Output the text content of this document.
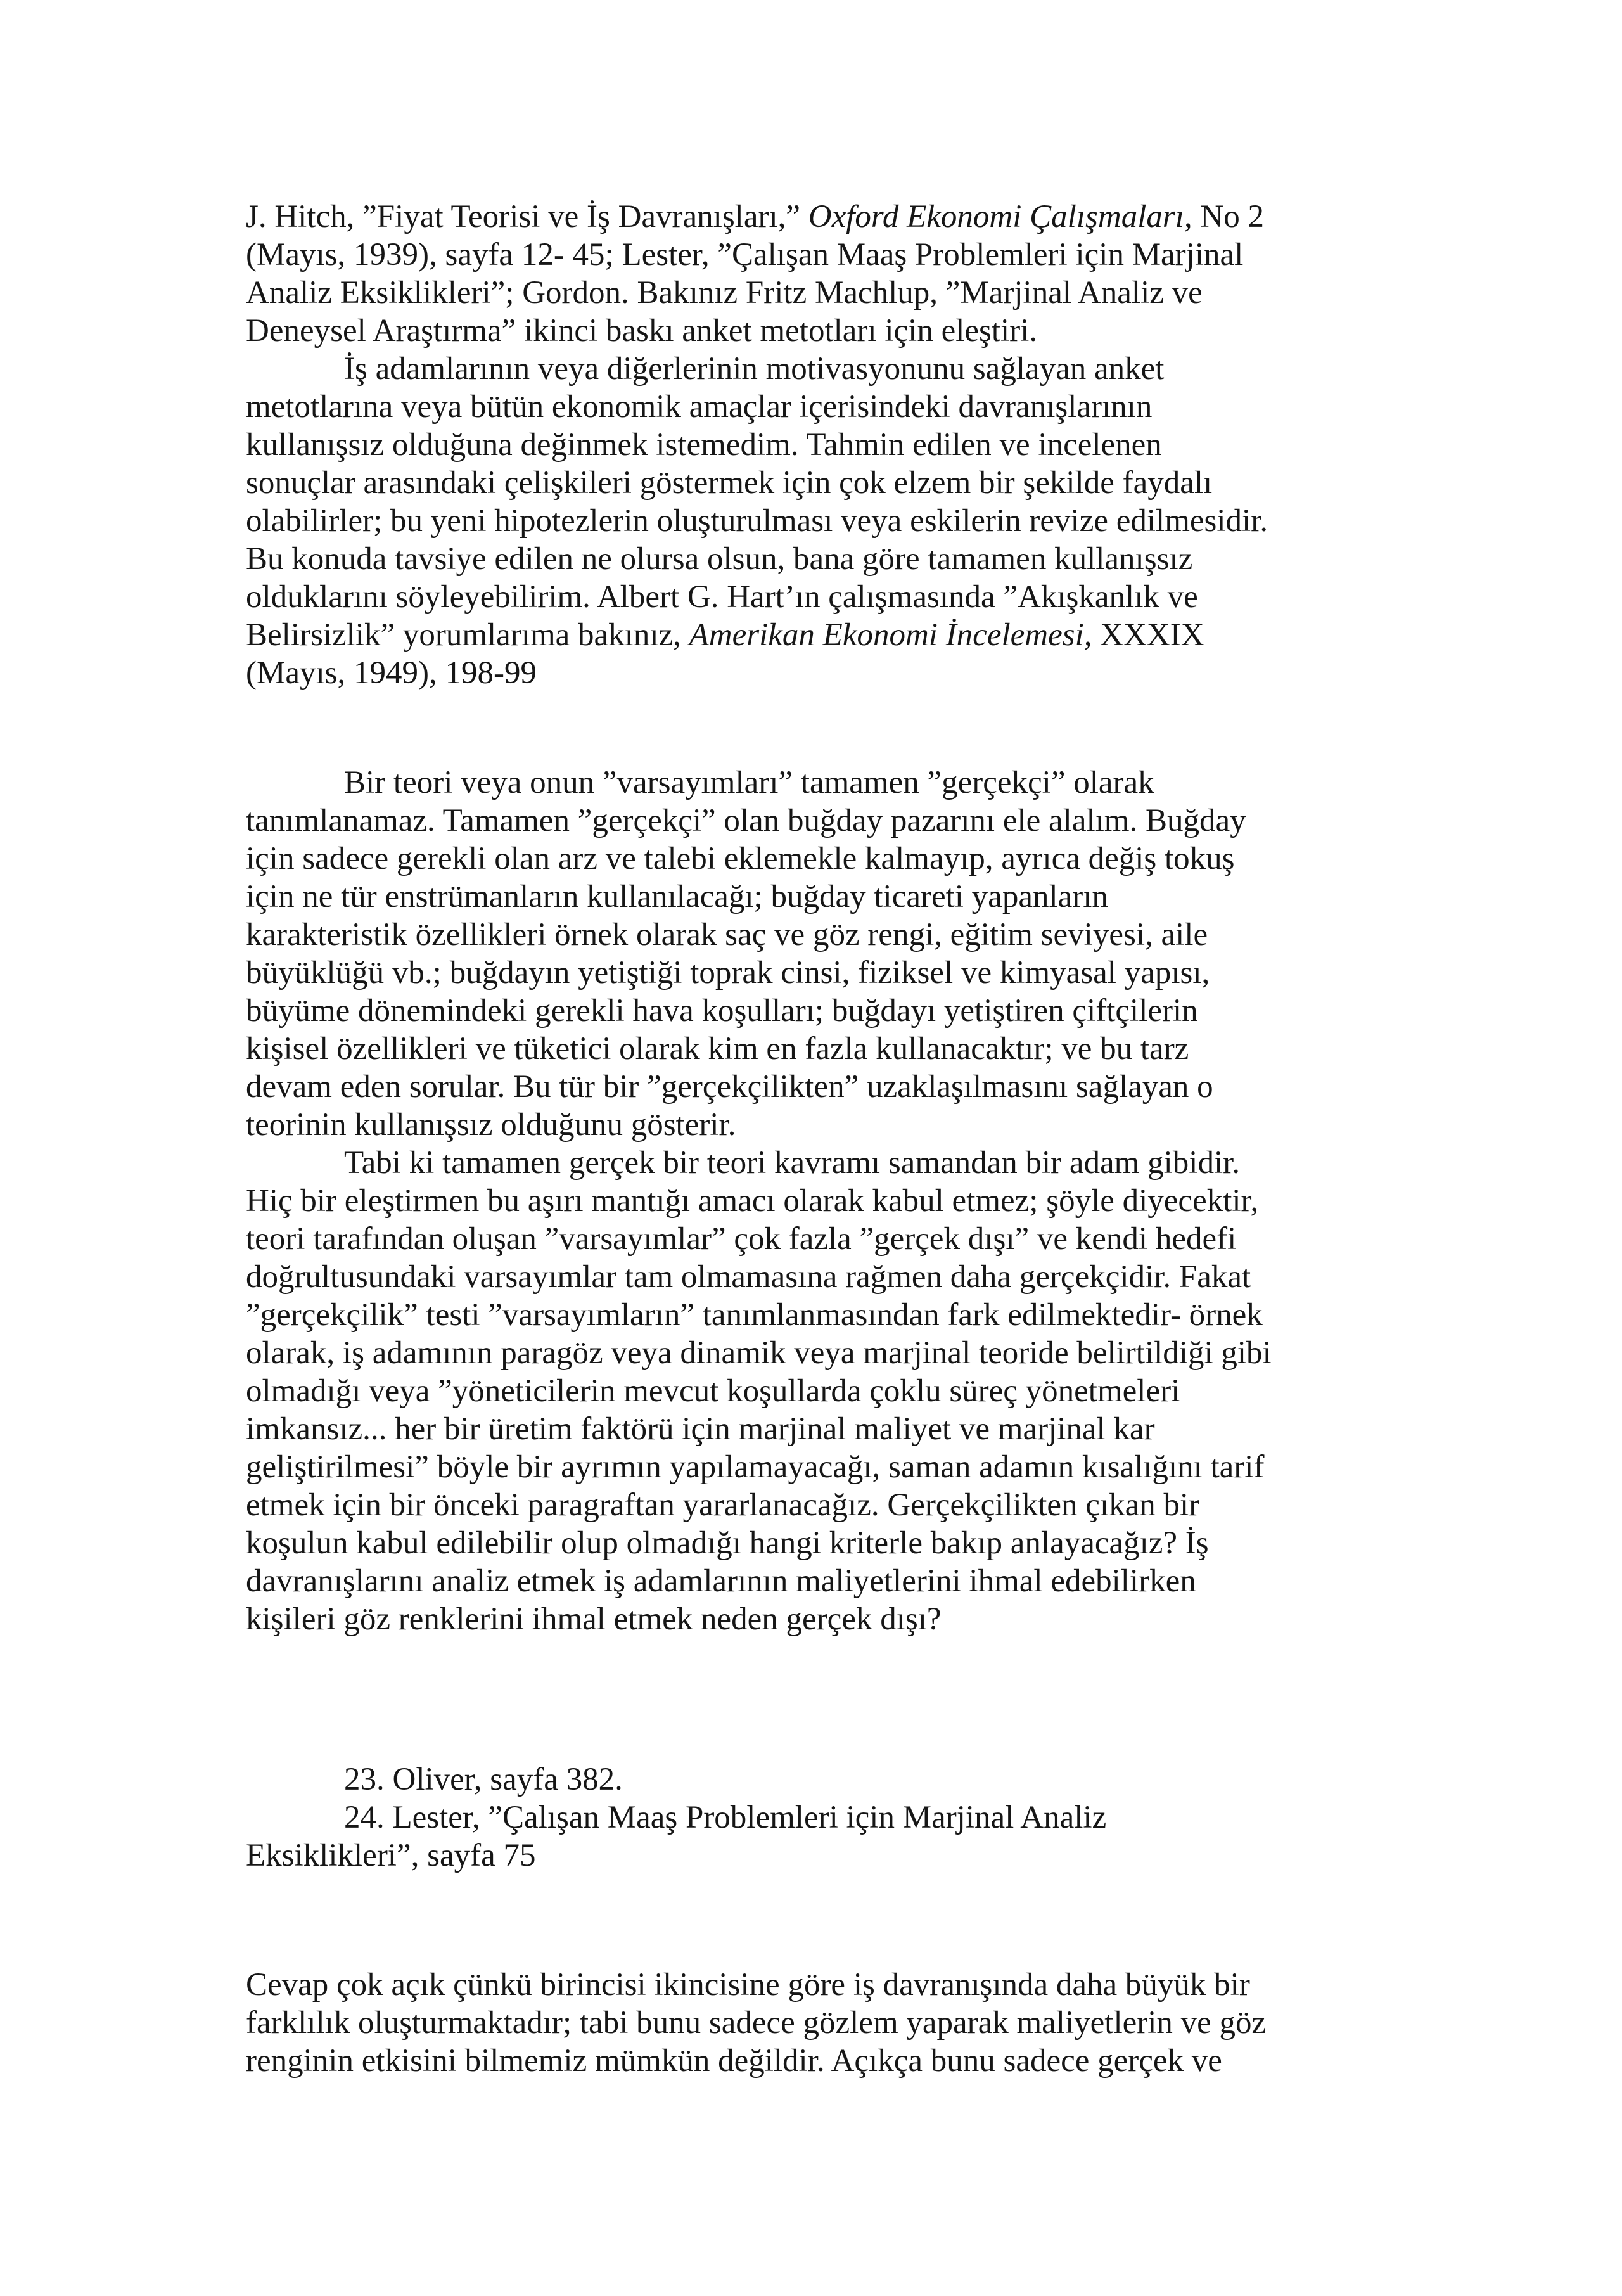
J. Hitch, ”Fiyat Teorisi ve İş Davranışları,” Oxford Ekonomi Çalışmaları, No 2
(Mayıs, 1939), sayfa 12- 45; Lester, ”Çalışan Maaş Problemleri için Marjinal
Analiz Eksiklikleri”; Gordon. Bakınız Fritz Machlup, ”Marjinal Analiz ve
Deneysel Araştırma” ikinci baskı anket metotları için eleştiri.
İş adamlarının veya diğerlerinin motivasyonunu sağlayan anket
metotlarına veya bütün ekonomik amaçlar içerisindeki davranışlarının
kullanışsız olduğuna değinmek istemedim. Tahmin edilen ve incelenen
sonuçlar arasındaki çelişkileri göstermek için çok elzem bir şekilde faydalı
olabilirler; bu yeni hipotezlerin oluşturulması veya eskilerin revize edilmesidir.
Bu konuda tavsiye edilen ne olursa olsun, bana göre tamamen kullanışsız
olduklarını söyleyebilirim. Albert G. Hart’ın çalışmasında ”Akışkanlık ve
Belirsizlik” yorumlarıma bakınız, Amerikan Ekonomi İncelemesi, XXXIX
(Mayıs, 1949), 198-99
Bir teori veya onun ”varsayımları” tamamen ”gerçekçi” olarak
tanımlanamaz. Tamamen ”gerçekçi” olan buğday pazarını ele alalım. Buğday
için sadece gerekli olan arz ve talebi eklemekle kalmayıp, ayrıca değiş tokuş
için ne tür enstrümanların kullanılacağı; buğday ticareti yapanların
karakteristik özellikleri örnek olarak saç ve göz rengi, eğitim seviyesi, aile
büyüklüğü vb.; buğdayın yetiştiği toprak cinsi, fiziksel ve kimyasal yapısı,
büyüme dönemindeki gerekli hava koşulları; buğdayı yetiştiren çiftçilerin
kişisel özellikleri ve tüketici olarak kim en fazla kullanacaktır; ve bu tarz
devam eden sorular. Bu tür bir ”gerçekçilikten” uzaklaşılmasını sağlayan o
teorinin kullanışsız olduğunu gösterir.
Tabi ki tamamen gerçek bir teori kavramı samandan bir adam gibidir.
Hiç bir eleştirmen bu aşırı mantığı amacı olarak kabul etmez; şöyle diyecektir,
teori tarafından oluşan ”varsayımlar” çok fazla ”gerçek dışı” ve kendi hedefi
doğrultusundaki varsayımlar tam olmamasına rağmen daha gerçekçidir. Fakat
”gerçekçilik” testi ”varsayımların” tanımlanmasından fark edilmektedir- örnek
olarak, iş adamının paragöz veya dinamik veya marjinal teoride belirtildiği gibi
olmadığı veya ”yöneticilerin mevcut koşullarda çoklu süreç yönetmeleri
imkansız... her bir üretim faktörü için marjinal maliyet ve marjinal kar
geliştirilmesi” böyle bir ayrımın yapılamayacağı, saman adamın kısalığını tarif
etmek için bir önceki paragraftan yararlanacağız. Gerçekçilikten çıkan bir
koşulun kabul edilebilir olup olmadığı hangi kriterle bakıp anlayacağız? İş
davranışlarını analiz etmek iş adamlarının maliyetlerini ihmal edebilirken
kişileri göz renklerini ihmal etmek neden gerçek dışı?
23. Oliver, sayfa 382.
24. Lester, ”Çalışan Maaş Problemleri için Marjinal Analiz
Eksiklikleri”, sayfa 75
Cevap çok açık çünkü birincisi ikincisine göre iş davranışında daha büyük bir
farklılık oluşturmaktadır; tabi bunu sadece gözlem yaparak maliyetlerin ve göz
renginin etkisini bilmemiz mümkün değildir. Açıkça bunu sadece gerçek ve
